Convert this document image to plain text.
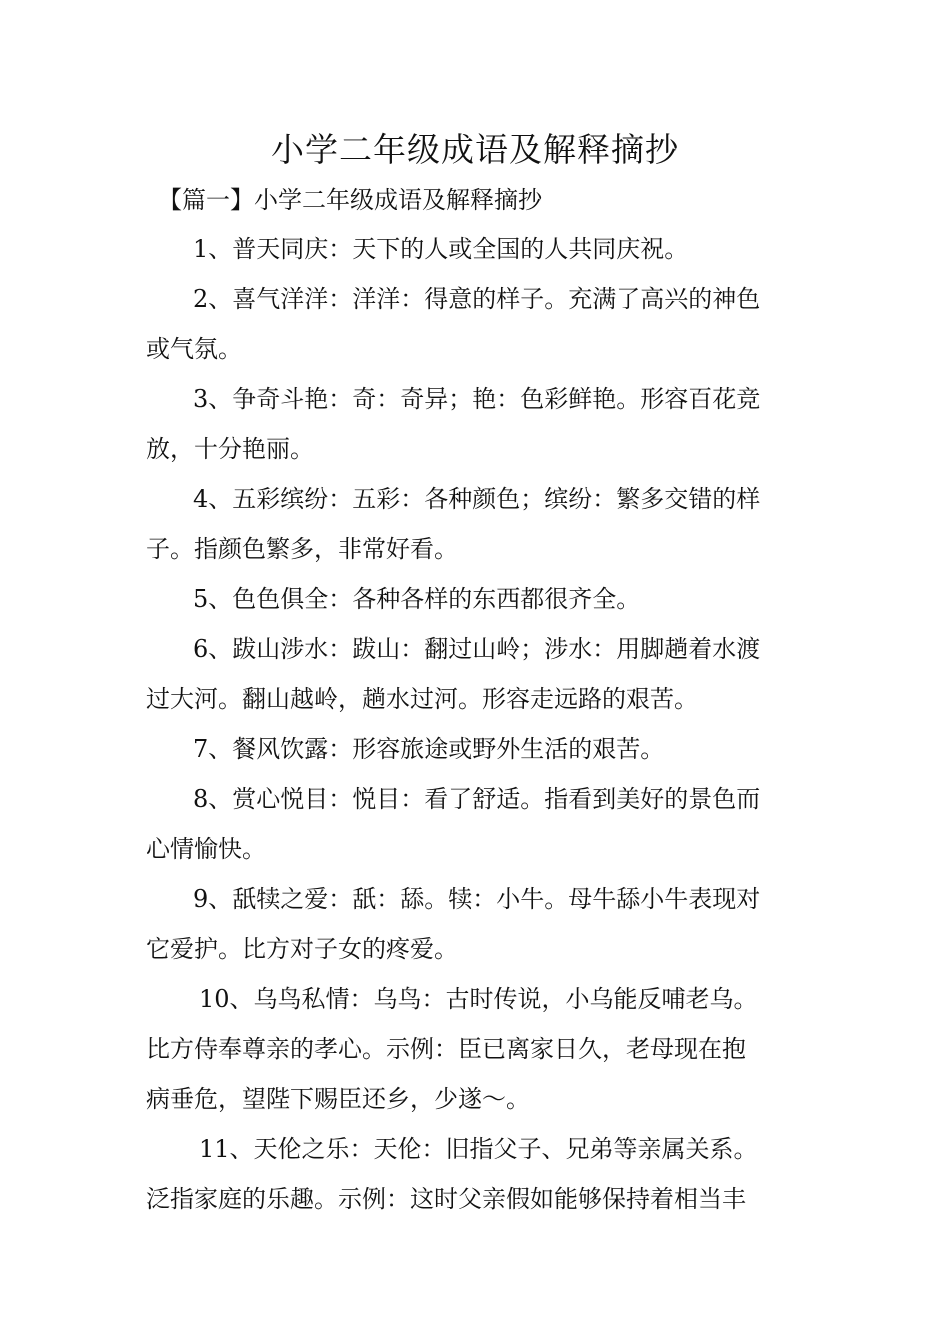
小学二年级成语及解释摘抄
【篇一】小学二年级成语及解释摘抄
1、普天同庆：天下的人或全国的人共同庆祝。
2、喜气洋洋：洋洋：得意的样子。充满了高兴的神色
或气氛。
3、争奇斗艳：奇：奇异；艳：色彩鲜艳。形容百花竞
放，十分艳丽。
4、五彩缤纷：五彩：各种颜色；缤纷：繁多交错的样
子。指颜色繁多，非常好看。
5、色色俱全：各种各样的东西都很齐全。
6、跋山涉水：跋山：翻过山岭；涉水：用脚趟着水渡
过大河。翻山越岭，趟水过河。形容走远路的艰苦。
7、餐风饮露：形容旅途或野外生活的艰苦。
8、赏心悦目：悦目：看了舒适。指看到美好的景色而
心情愉快。
9、舐犊之爱：舐：舔。犊：小牛。母牛舔小牛表现对
它爱护。比方对子女的疼爱。
10、乌鸟私情：乌鸟：古时传说，小乌能反哺老乌。
比方侍奉尊亲的孝心。示例：臣已离家日久，老母现在抱
病垂危，望陛下赐臣还乡，少遂～。
11、天伦之乐：天伦：旧指父子、兄弟等亲属关系。
泛指家庭的乐趣。示例：这时父亲假如能够保持着相当丰
